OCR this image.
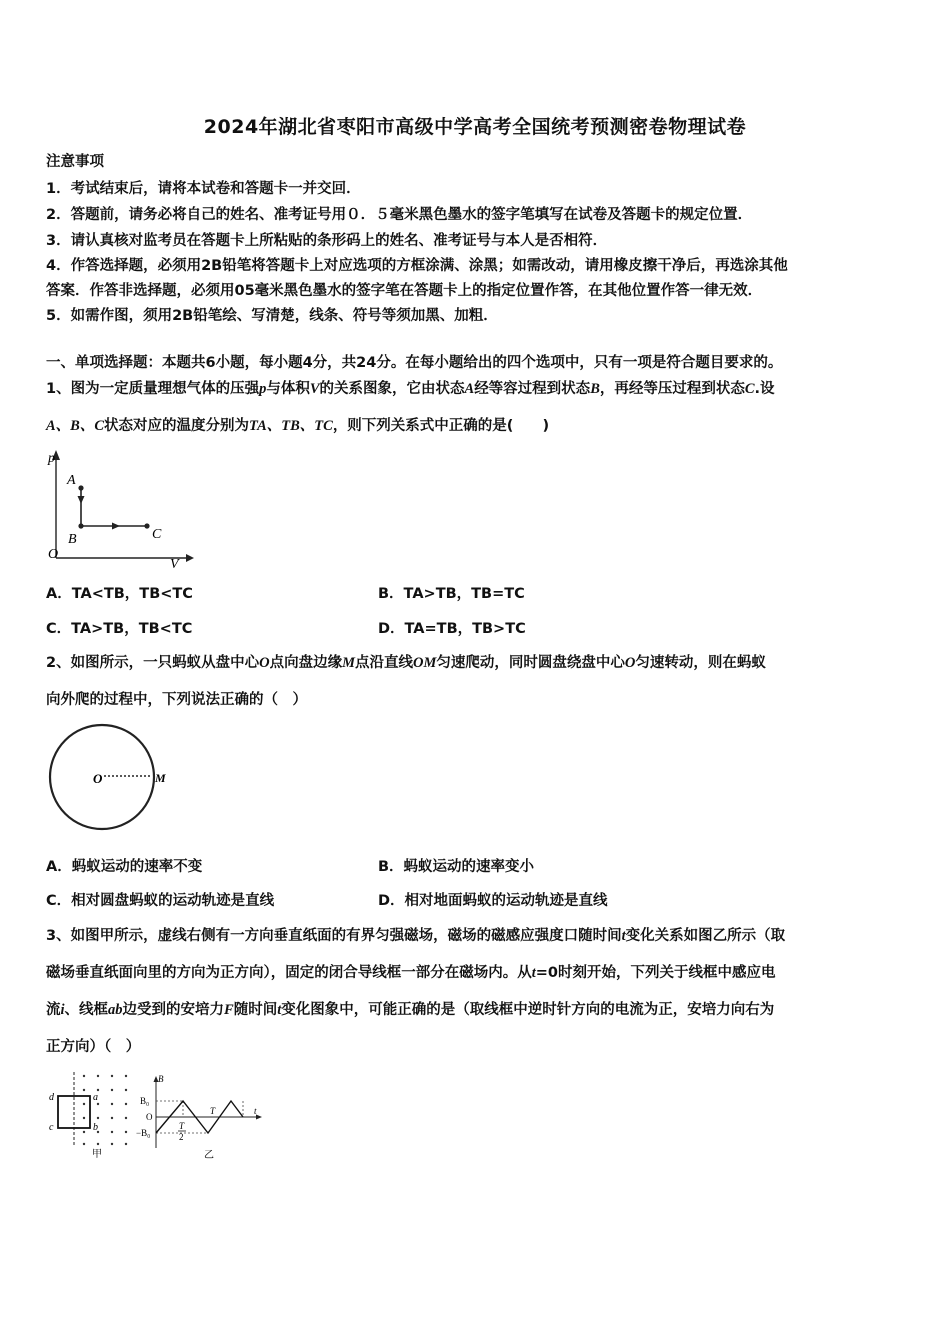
2024年湖北省枣阳市高级中学高考全国统考预测密卷物理试卷
注意事项
1．考试结束后，请将本试卷和答题卡一并交回．
2．答题前，请务必将自己的姓名、准考证号用０．５毫米黑色墨水的签字笔填写在试卷及答题卡的规定位置．
3．请认真核对监考员在答题卡上所粘贴的条形码上的姓名、准考证号与本人是否相符．
4．作答选择题，必须用2B铅笔将答题卡上对应选项的方框涂满、涂黑；如需改动，请用橡皮擦干净后，再选涂其他
答案．作答非选择题，必须用05毫米黑色墨水的签字笔在答题卡上的指定位置作答，在其他位置作答一律无效．
5．如需作图，须用2B铅笔绘、写清楚，线条、符号等须加黑、加粗．
一、单项选择题：本题共6小题，每小题4分，共24分。在每小题给出的四个选项中，只有一项是符合题目要求的。
1、图为一定质量理想气体的压强p与体积V的关系图象，它由状态A经等容过程到状态B，再经等压过程到状态C.设
A、B、C状态对应的温度分别为TA、TB、TC，则下列关系式中正确的是(　　)
p
V
O
A
B	C
A．TA<TB，TB<TC	B．TA>TB，TB=TC
C．TA>TB，TB<TC	D．TA=TB，TB>TC
2、如图所示，一只蚂蚁从盘中心O点向盘边缘M点沿直线OM匀速爬动，同时圆盘绕盘中心O匀速转动，则在蚂蚁
向外爬的过程中，下列说法正确的（　）
O	M
A．蚂蚁运动的速率不变	B．蚂蚁运动的速率变小
C．相对圆盘蚂蚁的运动轨迹是直线	D．相对地面蚂蚁的运动轨迹是直线
3、如图甲所示，虚线右侧有一方向垂直纸面的有界匀强磁场，磁场的磁感应强度口随时间t变化关系如图乙所示（取
磁场垂直纸面向里的方向为正方向），固定的闭合导线框一部分在磁场内。从t=0时刻开始，下列关于线框中感应电
流i、线框ab边受到的安培力F随时间t变化图象中，可能正确的是（取线框中逆时针方向的电流为正，安培力向右为
正方向）（　）
d	a
c	b
甲
B
B₀
O
−B₀
T
2
T	t
乙
